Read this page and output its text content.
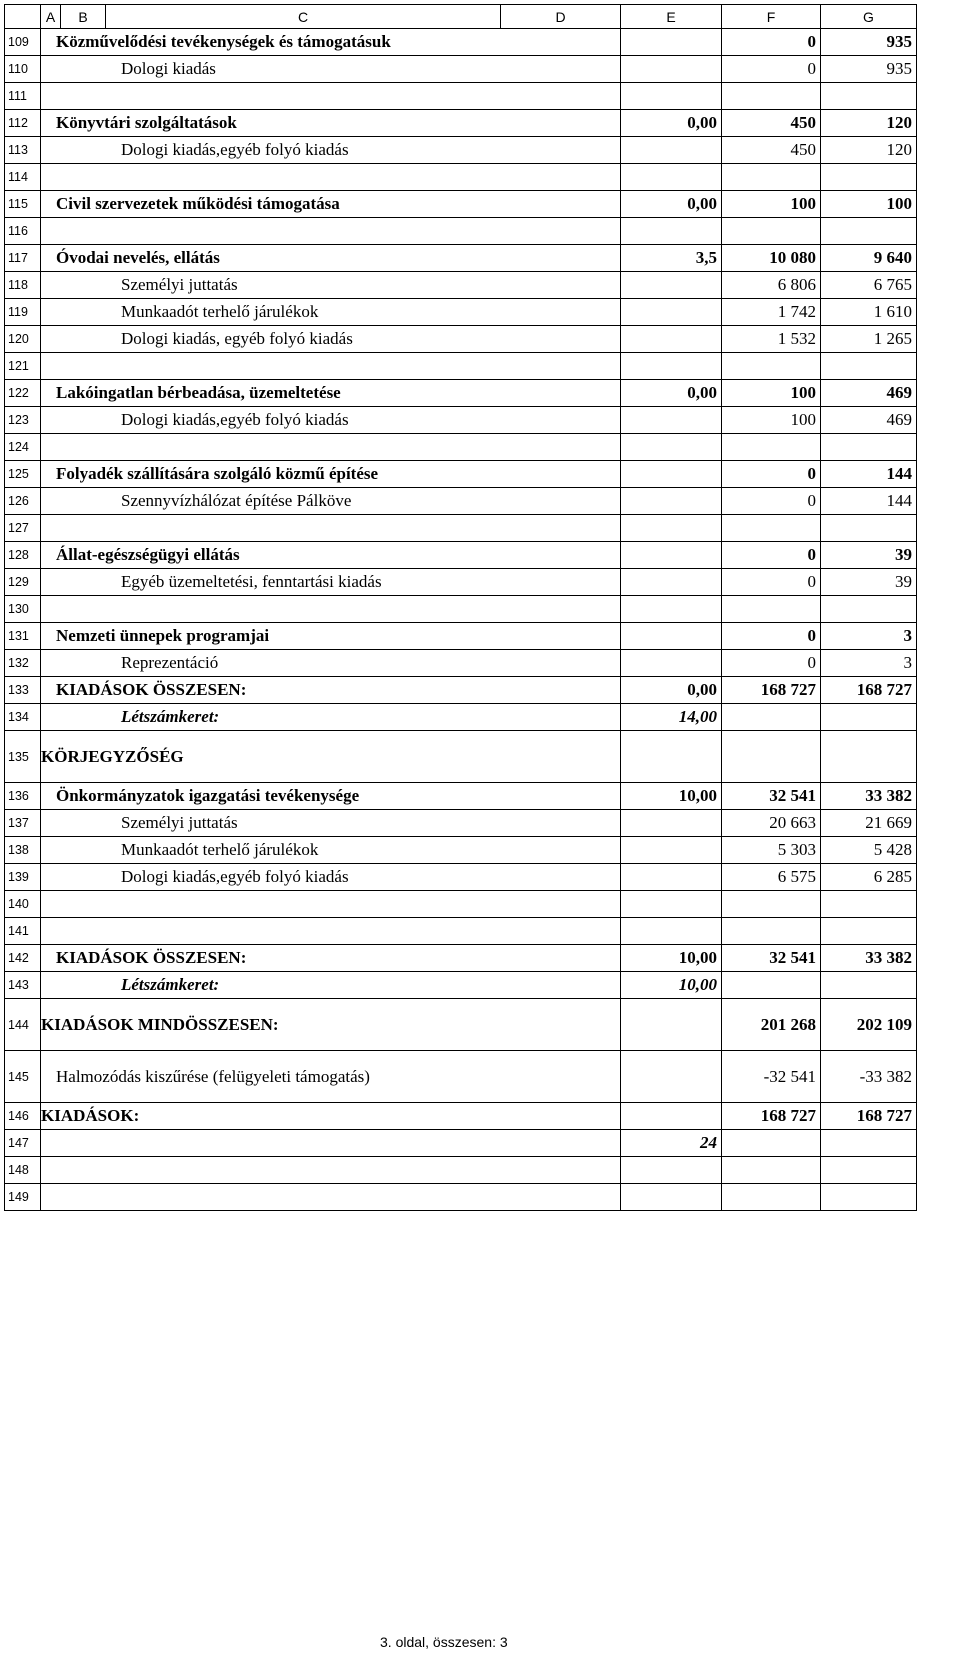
	A	B	C	D	E	F	G
109	Közművelődési tevékenységek és támogatásuk					0	935
110	Dologi kiadás					0	935
111							
112	Könyvtári szolgáltatások				0,00	450	120
113	Dologi kiadás,egyéb folyó kiadás					450	120
114							
115	Civil szervezetek működési támogatása				0,00	100	100
116							
117	Óvodai nevelés, ellátás				3,5	10 080	9 640
118	Személyi juttatás					6 806	6 765
119	Munkaadót terhelő járulékok					1 742	1 610
120	Dologi kiadás, egyéb folyó kiadás					1 532	1 265
121							
122	Lakóingatlan bérbeadása, üzemeltetése				0,00	100	469
123	Dologi kiadás,egyéb folyó kiadás					100	469
124							
125	Folyadék szállítására szolgáló közmű építése					0	144
126	Szennyvízhálózat építése Pálköve					0	144
127							
128	Állat-egészségügyi ellátás					0	39
129	Egyéb üzemeltetési, fenntartási kiadás					0	39
130							
131	Nemzeti ünnepek programjai					0	3
132	Reprezentáció					0	3
133	KIADÁSOK ÖSSZESEN:				0,00	168 727	168 727
134	Létszámkeret:				14,00		
135	KÖRJEGYZŐSÉG						
136	Önkormányzatok igazgatási tevékenysége				10,00	32 541	33 382
137	Személyi juttatás					20 663	21 669
138	Munkaadót terhelő járulékok					5 303	5 428
139	Dologi kiadás,egyéb folyó kiadás					6 575	6 285
140							
141							
142	KIADÁSOK ÖSSZESEN:				10,00	32 541	33 382
143	Létszámkeret:				10,00		
144	KIADÁSOK MINDÖSSZESEN:					201 268	202 109
145	Halmozódás kiszűrése (felügyeleti támogatás)					-32 541	-33 382
146	KIADÁSOK:					168 727	168 727
147					24		
148							
149							
3. oldal, összesen: 3
